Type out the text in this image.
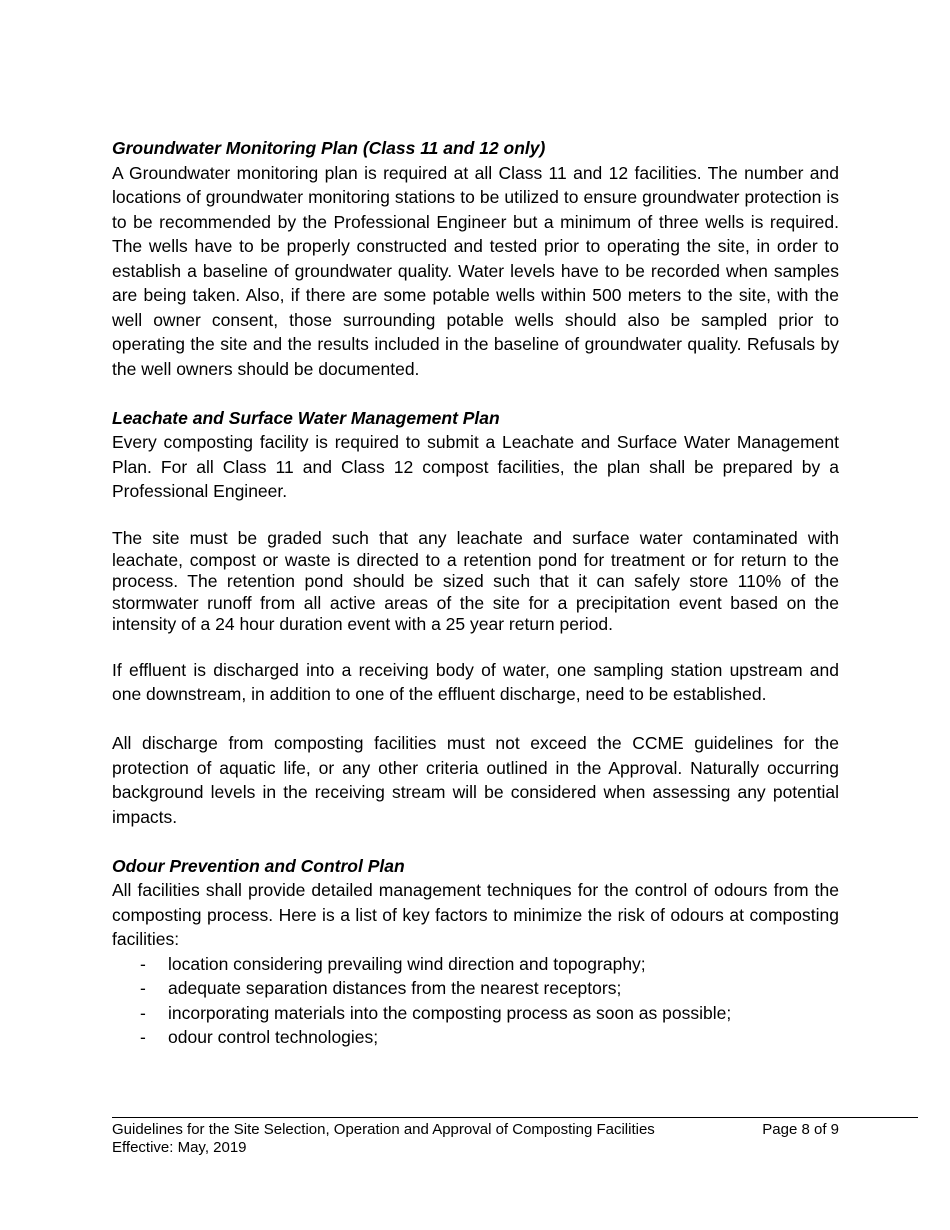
Groundwater Monitoring Plan (Class 11 and 12 only)

A Groundwater monitoring plan is required at all Class 11 and 12 facilities. The number and locations of groundwater monitoring stations to be utilized to ensure groundwater protection is to be recommended by the Professional Engineer but a minimum of three wells is required. The wells have to be properly constructed and tested prior to operating the site, in order to establish a baseline of groundwater quality. Water levels have to be recorded when samples are being taken. Also, if there are some potable wells within 500 meters to the site, with the well owner consent, those surrounding potable wells should also be sampled prior to operating the site and the results included in the baseline of groundwater quality. Refusals by the well owners should be documented.

Leachate and Surface Water Management Plan

Every composting facility is required to submit a Leachate and Surface Water Management Plan. For all Class 11 and Class 12 compost facilities, the plan shall be prepared by a Professional Engineer.

The site must be graded such that any leachate and surface water contaminated with leachate, compost or waste is directed to a retention pond for treatment or for return to the process. The retention pond should be sized such that it can safely store 110% of the stormwater runoff from all active areas of the site for a precipitation event based on the intensity of a 24 hour duration event with a 25 year return period.

If effluent is discharged into a receiving body of water, one sampling station upstream and one downstream, in addition to one of the effluent discharge, need to be established.

All discharge from composting facilities must not exceed the CCME guidelines for the protection of aquatic life, or any other criteria outlined in the Approval. Naturally occurring background levels in the receiving stream will be considered when assessing any potential impacts.

Odour Prevention and Control Plan

All facilities shall provide detailed management techniques for the control of odours from the composting process. Here is a list of key factors to minimize the risk of odours at composting facilities:

- location considering prevailing wind direction and topography;
- adequate separation distances from the nearest receptors;
- incorporating materials into the composting process as soon as possible;
- odour control technologies;
Guidelines for the Site Selection, Operation and Approval of Composting Facilities	Page 8 of 9
Effective: May, 2019
